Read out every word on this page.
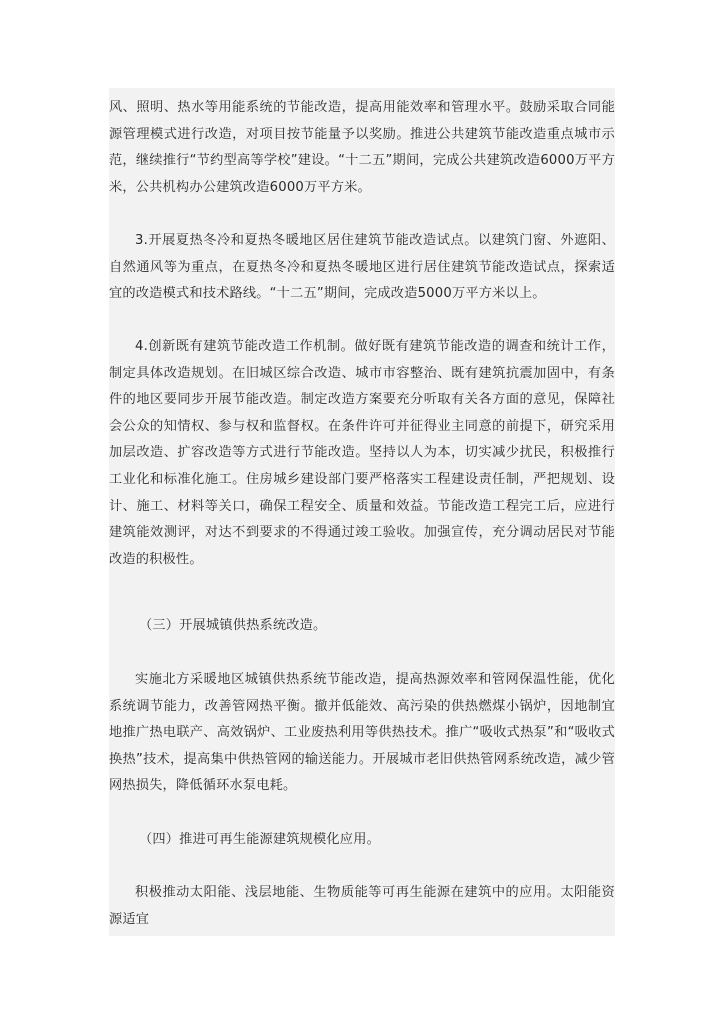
风、照明、热水等用能系统的节能改造，提高用能效率和管理水平。鼓励采取合同能源管理模式进行改造，对项目按节能量予以奖励。推进公共建筑节能改造重点城市示范，继续推行“节约型高等学校”建设。“十二五”期间，完成公共建筑改造6000万平方米，公共机构办公建筑改造6000万平方米。

3.开展夏热冬冷和夏热冬暖地区居住建筑节能改造试点。以建筑门窗、外遮阳、自然通风等为重点，在夏热冬冷和夏热冬暖地区进行居住建筑节能改造试点，探索适宜的改造模式和技术路线。“十二五”期间，完成改造5000万平方米以上。

4.创新既有建筑节能改造工作机制。做好既有建筑节能改造的调查和统计工作，制定具体改造规划。在旧城区综合改造、城市市容整治、既有建筑抗震加固中，有条件的地区要同步开展节能改造。制定改造方案要充分听取有关各方面的意见，保障社会公众的知情权、参与权和监督权。在条件许可并征得业主同意的前提下，研究采用加层改造、扩容改造等方式进行节能改造。坚持以人为本，切实减少扰民，积极推行工业化和标准化施工。住房城乡建设部门要严格落实工程建设责任制，严把规划、设计、施工、材料等关口，确保工程安全、质量和效益。节能改造工程完工后，应进行建筑能效测评，对达不到要求的不得通过竣工验收。加强宣传，充分调动居民对节能改造的积极性。

（三）开展城镇供热系统改造。

实施北方采暖地区城镇供热系统节能改造，提高热源效率和管网保温性能，优化系统调节能力，改善管网热平衡。撤并低能效、高污染的供热燃煤小锅炉，因地制宜地推广热电联产、高效锅炉、工业废热利用等供热技术。推广“吸收式热泵”和“吸收式换热”技术，提高集中供热管网的输送能力。开展城市老旧供热管网系统改造，减少管网热损失，降低循环水泵电耗。

（四）推进可再生能源建筑规模化应用。

积极推动太阳能、浅层地能、生物质能等可再生能源在建筑中的应用。太阳能资源适宜
